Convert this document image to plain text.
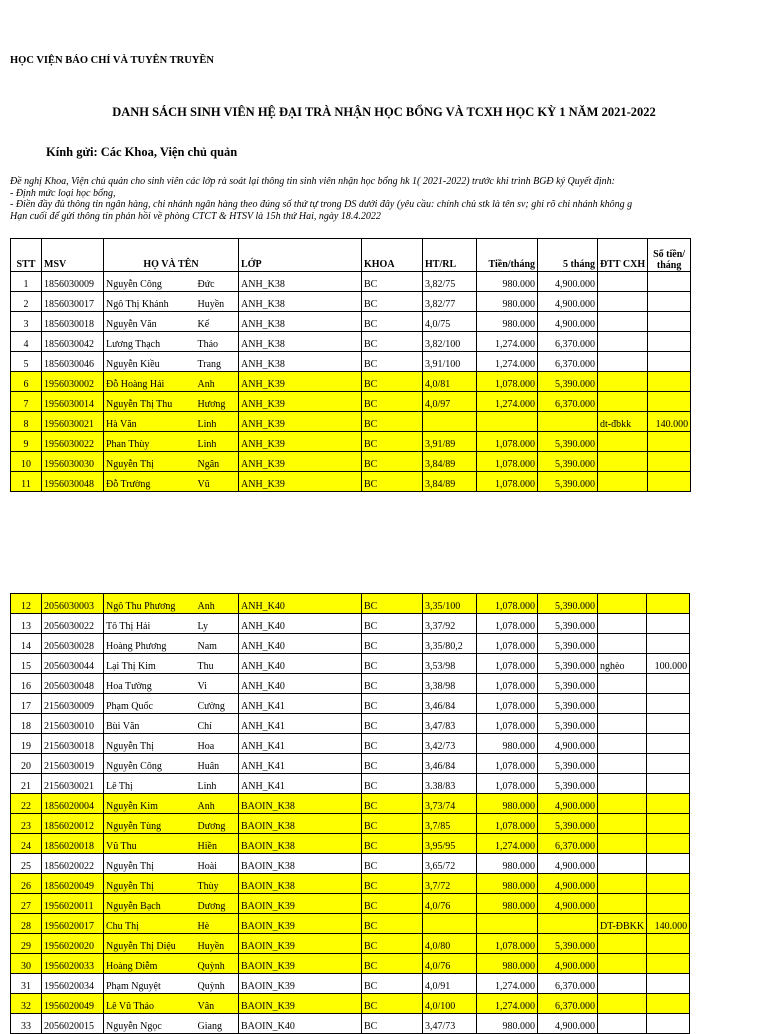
HỌC VIỆN BÁO CHÍ VÀ TUYÊN TRUYỀN
DANH SÁCH SINH VIÊN HỆ ĐẠI TRÀ NHẬN HỌC BỔNG VÀ TCXH HỌC KỲ 1 NĂM 2021-2022
Kính gửi: Các Khoa, Viện chủ quản
Đề nghị Khoa, Viện chủ quản cho sinh viên các lớp rà soát lại thông tin sinh viên nhận học bổng hk 1( 2021-2022) trước khi trình BGĐ ký Quyết định:
- Định mức loại học bổng,
- Điền đầy đủ thông tin ngân hàng, chi nhánh ngân hàng theo đúng số thứ tự trong DS dưới đây (yêu cầu: chính chủ stk là tên sv; ghi rõ chi nhánh không g
Hạn cuối để gửi thông tin phản hồi về phòng CTCT & HTSV là 15h thứ Hai, ngày 18.4.2022
STT	MSV	HỌ VÀ TÊN		LỚP	KHOA	HT/RL	Tiền/tháng	5 tháng	ĐTT CXH	Số tiền/ tháng
1	1856030009	Nguyễn Công	Đức	ANH_K38	BC	3,82/75	980.000	4,900.000		
2	1856030017	Ngô Thị Khánh	Huyền	ANH_K38	BC	3,82/77	980.000	4,900.000		
3	1856030018	Nguyễn Văn	Kế	ANH_K38	BC	4,0/75	980.000	4,900.000		
4	1856030042	Lương Thạch	Thảo	ANH_K38	BC	3,82/100	1,274.000	6,370.000		
5	1856030046	Nguyễn Kiều	Trang	ANH_K38	BC	3,91/100	1,274.000	6,370.000		
6	1956030002	Đỗ Hoàng Hải	Anh	ANH_K39	BC	4,0/81	1,078.000	5,390.000		
7	1956030014	Nguyễn Thị Thu	Hương	ANH_K39	BC	4,0/97	1,274.000	6,370.000		
8	1956030021	Hà Văn	Linh	ANH_K39	BC				dt-đbkk	140.000
9	1956030022	Phan Thùy	Linh	ANH_K39	BC	3,91/89	1,078.000	5,390.000		
10	1956030030	Nguyễn Thị	Ngân	ANH_K39	BC	3,84/89	1,078.000	5,390.000		
11	1956030048	Đỗ Trường	Vũ	ANH_K39	BC	3,84/89	1,078.000	5,390.000		
12	2056030003	Ngô Thu Phương	Anh	ANH_K40	BC	3,35/100	1,078.000	5,390.000		
13	2056030022	Tô Thị Hải	Ly	ANH_K40	BC	3,37/92	1,078.000	5,390.000		
14	2056030028	Hoàng Phương	Nam	ANH_K40	BC	3,35/80,2	1,078.000	5,390.000		
15	2056030044	Lại Thị Kim	Thu	ANH_K40	BC	3,53/98	1,078.000	5,390.000	nghèo	100.000
16	2056030048	Hoa Tường	Vi	ANH_K40	BC	3,38/98	1,078.000	5,390.000		
17	2156030009	Phạm Quốc	Cường	ANH_K41	BC	3,46/84	1,078.000	5,390.000		
18	2156030010	Bùi Văn	Chí	ANH_K41	BC	3,47/83	1,078.000	5,390.000		
19	2156030018	Nguyễn Thị	Hoa	ANH_K41	BC	3,42/73	980.000	4,900.000		
20	2156030019	Nguyễn Công	Huân	ANH_K41	BC	3,46/84	1,078.000	5,390.000		
21	2156030021	Lê Thị	Linh	ANH_K41	BC	3.38/83	1,078.000	5,390.000		
22	1856020004	Nguyễn Kim	Anh	BAOIN_K38	BC	3,73/74	980.000	4,900.000		
23	1856020012	Nguyễn Tùng	Dương	BAOIN_K38	BC	3,7/85	1,078.000	5,390.000		
24	1856020018	Vũ Thu	Hiền	BAOIN_K38	BC	3,95/95	1,274.000	6,370.000		
25	1856020022	Nguyễn Thị	Hoài	BAOIN_K38	BC	3,65/72	980.000	4,900.000		
26	1856020049	Nguyễn Thị	Thùy	BAOIN_K38	BC	3,7/72	980.000	4,900.000		
27	1956020011	Nguyễn Bạch	Dương	BAOIN_K39	BC	4,0/76	980.000	4,900.000		
28	1956020017	Chu Thị	Hè	BAOIN_K39	BC				DT-ĐBKK	140.000
29	1956020020	Nguyễn Thị Diệu	Huyền	BAOIN_K39	BC	4,0/80	1,078.000	5,390.000		
30	1956020033	Hoàng Diễm	Quỳnh	BAOIN_K39	BC	4,0/76	980.000	4,900.000		
31	1956020034	Phạm Nguyệt	Quỳnh	BAOIN_K39	BC	4,0/91	1,274.000	6,370.000		
32	1956020049	Lê Vũ Thảo	Vân	BAOIN_K39	BC	4,0/100	1,274.000	6,370.000		
33	2056020015	Nguyễn Ngọc	Giang	BAOIN_K40	BC	3,47/73	980.000	4,900.000		
